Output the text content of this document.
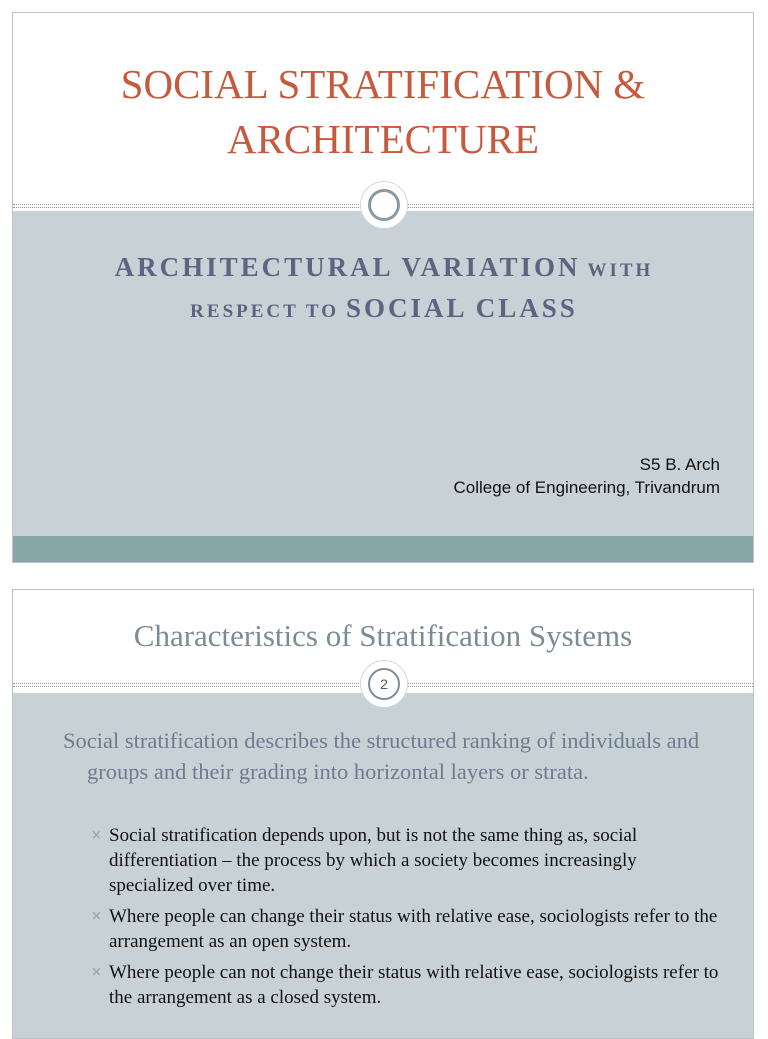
SOCIAL STRATIFICATION &
ARCHITECTURE
ARCHITECTURAL VARIATION WITH
RESPECT TO SOCIAL CLASS
S5 B. Arch
College of Engineering, Trivandrum
2
Characteristics of Stratification Systems
Social stratification describes the structured ranking of individuals and groups and their grading into horizontal layers or strata.
× Social stratification depends upon, but is not the same thing as, social differentiation – the process by which a society becomes increasingly specialized over time.
× Where people can change their status with relative ease, sociologists refer to the arrangement as an open system.
× Where people can not change their status with relative ease, sociologists refer to the arrangement as a closed system.
